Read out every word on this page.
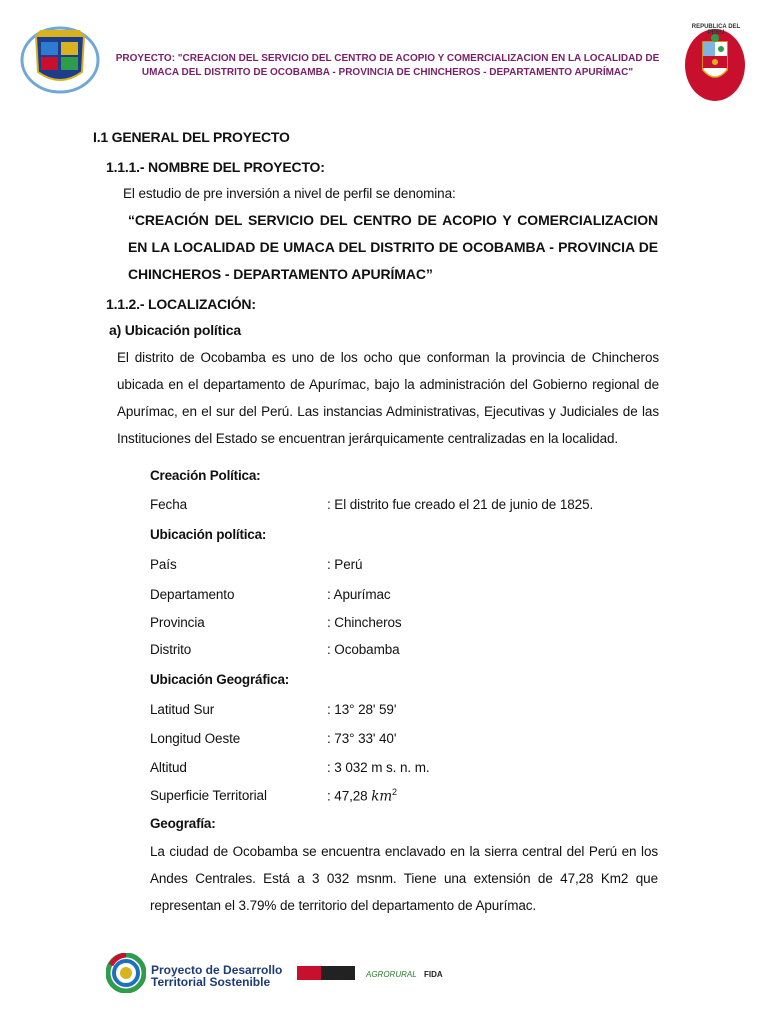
PROYECTO: "CREACION DEL SERVICIO DEL CENTRO DE ACOPIO Y COMERCIALIZACION EN LA LOCALIDAD DE UMACA DEL DISTRITO DE OCOBAMBA - PROVINCIA DE CHINCHEROS - DEPARTAMENTO APURÍMAC"
REPUBLICA DEL PERU
I.1 GENERAL DEL PROYECTO
1.1.1.- NOMBRE DEL PROYECTO:
El estudio de pre inversión a nivel de perfil se denomina:
“CREACIÓN DEL SERVICIO DEL CENTRO DE ACOPIO Y COMERCIALIZACION EN LA LOCALIDAD DE UMACA DEL DISTRITO DE OCOBAMBA - PROVINCIA DE CHINCHEROS - DEPARTAMENTO APURÍMAC”
1.1.2.- LOCALIZACIÓN:
a) Ubicación política
El distrito de Ocobamba es uno de los ocho que conforman la provincia de Chincheros ubicada en el departamento de Apurímac, bajo la administración del Gobierno regional de Apurímac, en el sur del Perú. Las instancias Administrativas, Ejecutivas y Judiciales de las Instituciones del Estado se encuentran jerárquicamente centralizadas en la localidad.
Creación Política:
Fecha	: El distrito fue creado el 21 de junio de 1825.
Ubicación política:
País	: Perú
Departamento	: Apurímac
Provincia	: Chincheros
Distrito	: Ocobamba
Ubicación Geográfica:
Latitud Sur	: 13° 28' 59'
Longitud Oeste	: 73° 33' 40'
Altitud	: 3 032 m s. n. m.
Superficie Territorial	: 47,28 $km^2$
Geografía:
La ciudad de Ocobamba se encuentra enclavado en la sierra central del Perú en los Andes Centrales. Está a 3 032 msnm. Tiene una extensión de 47,28 Km2 que representan el 3.79% de territorio del departamento de Apurímac.
Proyecto de Desarrollo
Territorial Sostenible
AGRORURAL FIDA
